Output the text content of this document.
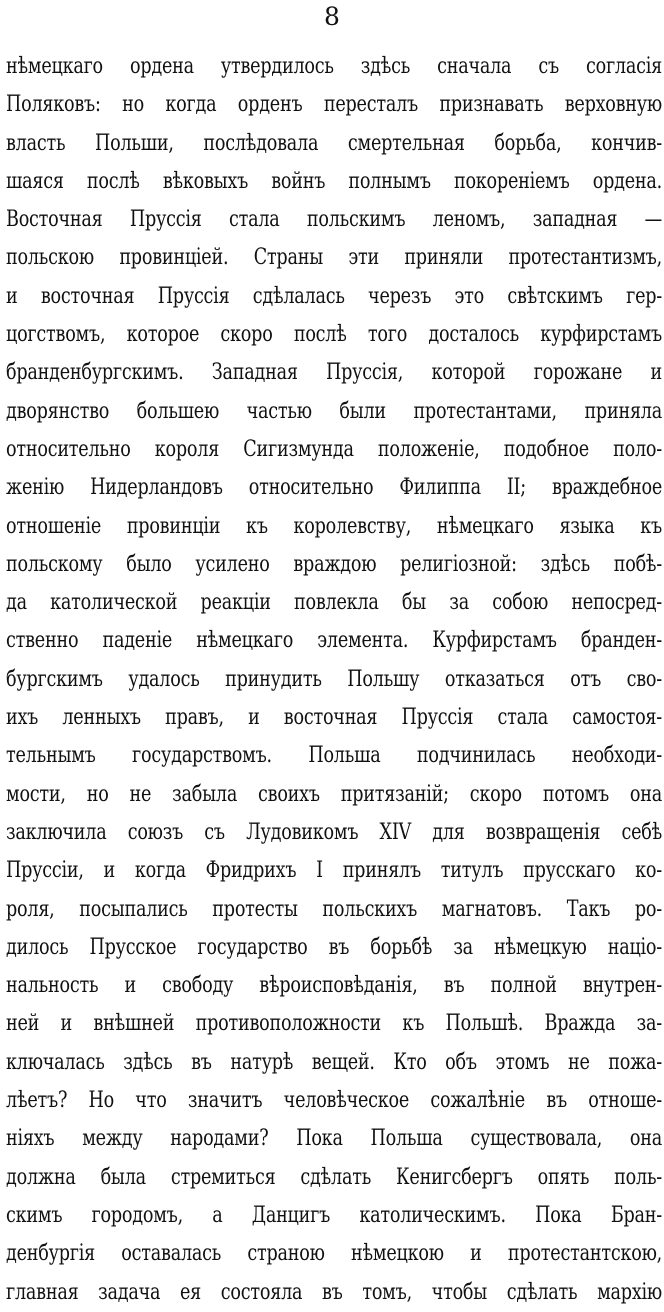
8
нѣмецкаго ордена утвердилось здѣсь сначала съ согласія
Поляковъ: но когда орденъ пересталъ признавать верховную
власть Польши, послѣдовала смертельная борьба, кончив-
шаяся послѣ вѣковыхъ войнъ полнымъ покореніемъ ордена.
Восточная Пруссія стала польскимъ леномъ, западная —
польскою провинціей. Страны эти приняли протестантизмъ,
и восточная Пруссія сдѣлалась черезъ это свѣтскимъ гер-
цогствомъ, которое скоро послѣ того досталось курфирстамъ
бранденбургскимъ. Западная Пруссія, которой горожане и
дворянство большею частью были протестантами, приняла
относительно короля Сигизмунда положеніе, подобное поло-
женію Нидерландовъ относительно Филиппа II; враждебное
отношеніе провинціи къ королевству, нѣмецкаго языка къ
польскому было усилено враждою религіозной: здѣсь побѣ-
да католической реакціи повлекла бы за собою непосред-
ственно паденіе нѣмецкаго элемента. Курфирстамъ бранден-
бургскимъ удалось принудить Польшу отказаться отъ сво-
ихъ ленныхъ правъ, и восточная Пруссія стала самостоя-
тельнымъ государствомъ. Польша подчинилась необходи-
мости, но не забыла своихъ притязаній; скоро потомъ она
заключила союзъ съ Лудовикомъ XIV для возвращенія себѣ
Пруссіи, и когда Фридрихъ I принялъ титулъ прусскаго ко-
роля, посыпались протесты польскихъ магнатовъ. Такъ ро-
дилось Прусское государство въ борьбѣ за нѣмецкую націо-
нальность и свободу вѣроисповѣданія, въ полной внутрен-
ней и внѣшней противоположности къ Польшѣ. Вражда за-
ключалась здѣсь въ натурѣ вещей. Кто объ этомъ не пожа-
лѣетъ? Но что значитъ человѣческое сожалѣніе въ отноше-
ніяхъ между народами? Пока Польша существовала, она
должна была стремиться сдѣлать Кенигсбергъ опять поль-
скимъ городомъ, а Данцигъ католическимъ. Пока Бран-
денбургія оставалась страною нѣмецкою и протестантскою,
главная задача ея состояла въ томъ, чтобы сдѣлать мархію
